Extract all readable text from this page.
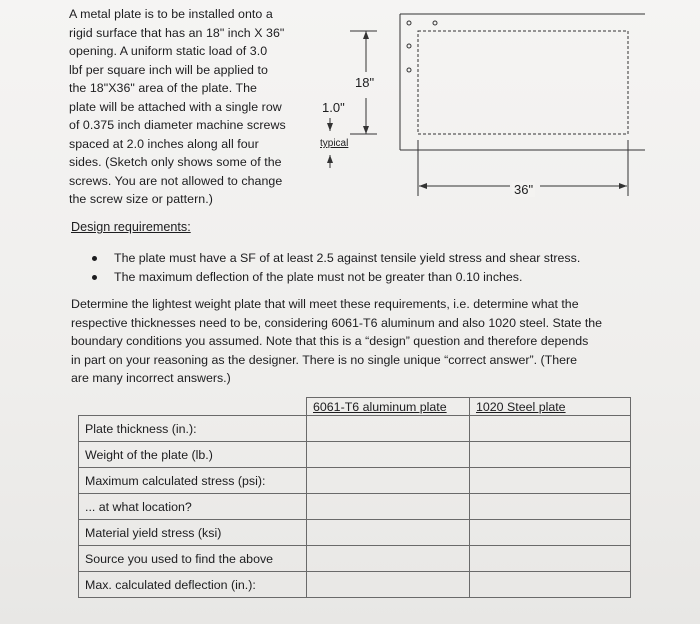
A metal plate is to be installed onto a
rigid surface that has an 18" inch X 36"
opening. A uniform static load of 3.0
lbf per square inch will be applied to
the 18"X36" area of the plate. The
plate will be attached with a single row
of 0.375 inch diameter machine screws
spaced at 2.0 inches along all four
sides. (Sketch only shows some of the
screws. You are not allowed to change
the screw size or pattern.)
18"
1.0"
typical
36"
Design requirements:
The plate must have a SF of at least 2.5 against tensile yield stress and shear stress.
The maximum deflection of the plate must not be greater than 0.10 inches.
Determine the lightest weight plate that will meet these requirements, i.e. determine what the
respective thicknesses need to be, considering 6061-T6 aluminum and also 1020 steel. State the
boundary conditions you assumed. Note that this is a “design” question and therefore depends
in part on your reasoning as the designer. There is no single unique “correct answer”. (There
are many incorrect answers.)
	6061-T6 aluminum plate	1020 Steel plate
Plate thickness (in.):		
Weight of the plate (lb.)		
Maximum calculated stress (psi):		
... at what location?		
Material yield stress (ksi)		
Source you used to find the above		
Max. calculated deflection (in.):		
